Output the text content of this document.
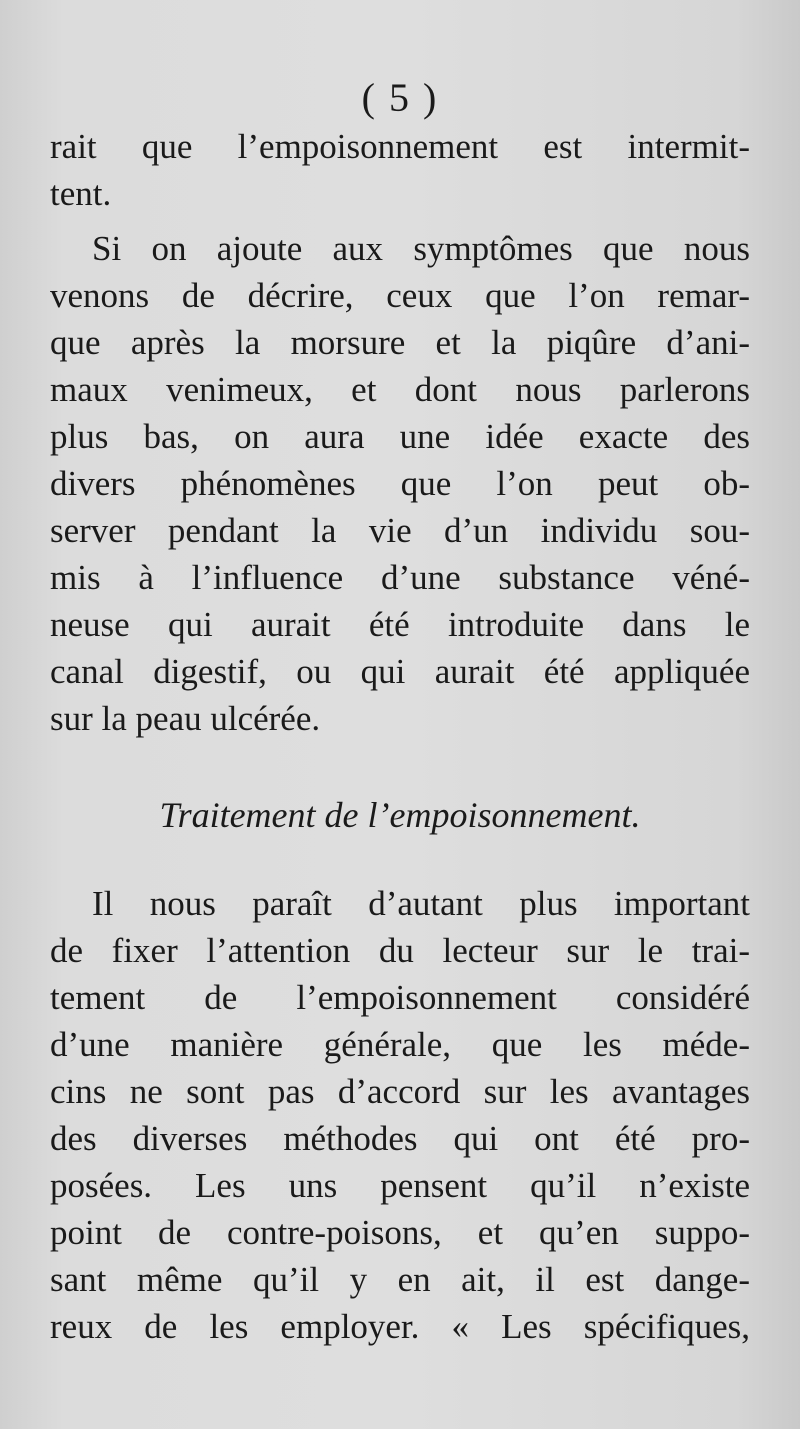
( 5 )
rait que l’empoisonnement est intermit-
tent.
Si on ajoute aux symptômes que nous
venons de décrire, ceux que l’on remar-
que après la morsure et la piqûre d’ani-
maux venimeux, et dont nous parlerons
plus bas, on aura une idée exacte des
divers phénomènes que l’on peut ob-
server pendant la vie d’un individu sou-
mis à l’influence d’une substance véné-
neuse qui aurait été introduite dans le
canal digestif, ou qui aurait été appliquée
sur la peau ulcérée.
Traitement de l’empoisonnement.
Il nous paraît d’autant plus important
de fixer l’attention du lecteur sur le trai-
tement de l’empoisonnement considéré
d’une manière générale, que les méde-
cins ne sont pas d’accord sur les avantages
des diverses méthodes qui ont été pro-
posées. Les uns pensent qu’il n’existe
point de contre-poisons, et qu’en suppo-
sant même qu’il y en ait, il est dange-
reux de les employer. « Les spécifiques,
